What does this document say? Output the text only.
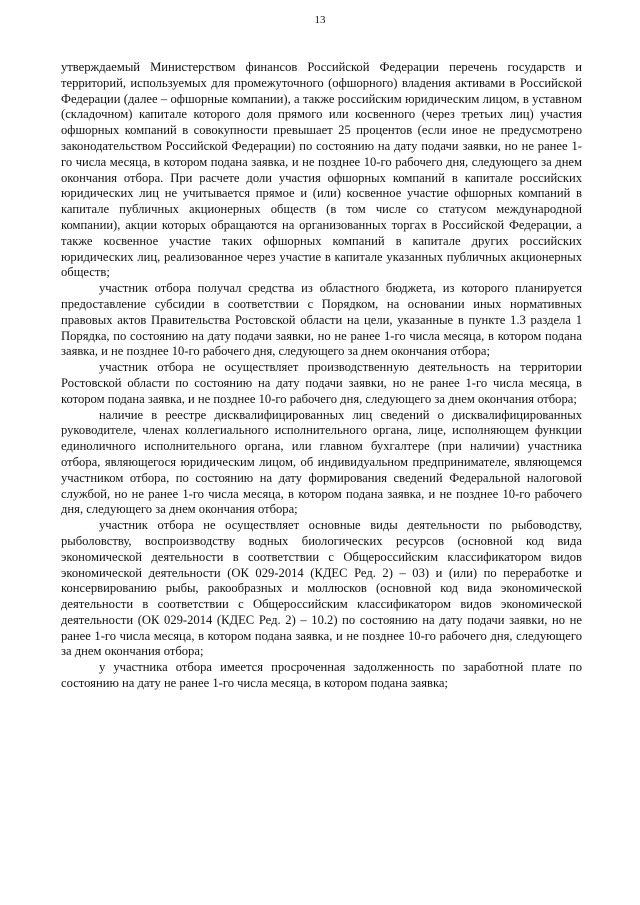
13

утверждаемый Министерством финансов Российской Федерации перечень государств и территорий, используемых для промежуточного (офшорного) владения активами в Российской Федерации (далее – офшорные компании), а также российским юридическим лицом, в уставном (складочном) капитале которого доля прямого или косвенного (через третьих лиц) участия офшорных компаний в совокупности превышает 25 процентов (если иное не предусмотрено законодательством Российской Федерации) по состоянию на дату подачи заявки, но не ранее 1-го числа месяца, в котором подана заявка, и не позднее 10-го рабочего дня, следующего за днем окончания отбора. При расчете доли участия офшорных компаний в капитале российских юридических лиц не учитывается прямое и (или) косвенное участие офшорных компаний в капитале публичных акционерных обществ (в том числе со статусом международной компании), акции которых обращаются на организованных торгах в Российской Федерации, а также косвенное участие таких офшорных компаний в капитале других российских юридических лиц, реализованное через участие в капитале указанных публичных акционерных обществ;

участник отбора получал средства из областного бюджета, из которого планируется предоставление субсидии в соответствии с Порядком, на основании иных нормативных правовых актов Правительства Ростовской области на цели, указанные в пункте 1.3 раздела 1 Порядка, по состоянию на дату подачи заявки, но не ранее 1-го числа месяца, в котором подана заявка, и не позднее 10-го рабочего дня, следующего за днем окончания отбора;

участник отбора не осуществляет производственную деятельность на территории Ростовской области по состоянию на дату подачи заявки, но не ранее 1-го числа месяца, в котором подана заявка, и не позднее 10-го рабочего дня, следующего за днем окончания отбора;

наличие в реестре дисквалифицированных лиц сведений о дисквалифицированных руководителе, членах коллегиального исполнительного органа, лице, исполняющем функции единоличного исполнительного органа, или главном бухгалтере (при наличии) участника отбора, являющегося юридическим лицом, об индивидуальном предпринимателе, являющемся участником отбора, по состоянию на дату формирования сведений Федеральной налоговой службой, но не ранее 1-го числа месяца, в котором подана заявка, и не позднее 10-го рабочего дня, следующего за днем окончания отбора;

участник отбора не осуществляет основные виды деятельности по рыбоводству, рыболовству, воспроизводству водных биологических ресурсов (основной код вида экономической деятельности в соответствии с Общероссийским классификатором видов экономической деятельности (ОК 029-2014 (КДЕС Ред. 2) – 03) и (или) по переработке и консервированию рыбы, ракообразных и моллюсков (основной код вида экономической деятельности в соответствии с Общероссийским классификатором видов экономической деятельности (ОК 029-2014 (КДЕС Ред. 2) – 10.2) по состоянию на дату подачи заявки, но не ранее 1-го числа месяца, в котором подана заявка, и не позднее 10-го рабочего дня, следующего за днем окончания отбора;

у участника отбора имеется просроченная задолженность по заработной плате по состоянию на дату не ранее 1-го числа месяца, в котором подана заявка;
